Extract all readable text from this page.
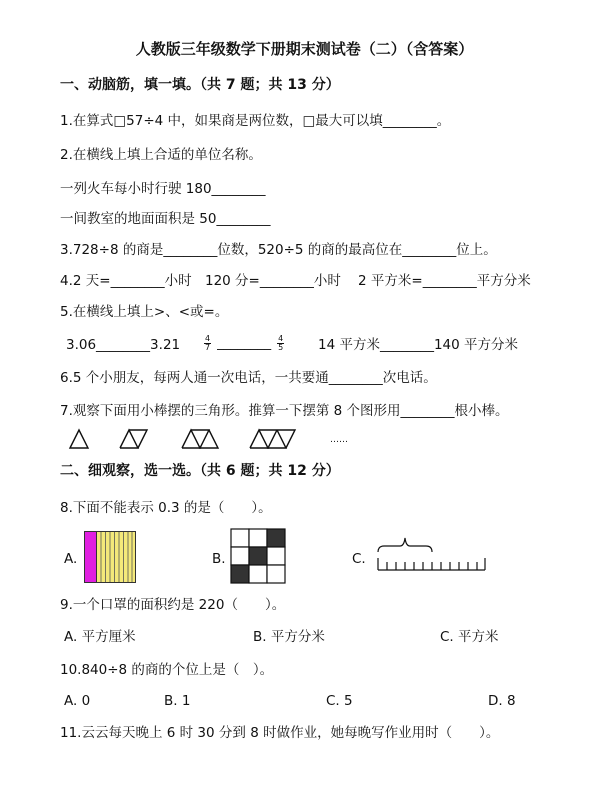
人教版三年级数学下册期末测试卷（二）（含答案）
一、动脑筋，填一填。（共 7 题；共 13 分）
1.在算式□57÷4 中，如果商是两位数，□最大可以填________。
2.在横线上填上合适的单位名称。
一列火车每小时行驶 180________
一间教室的地面面积是 50________
3.728÷8 的商是________位数，520÷5 的商的最高位在________位上。
4.2 天=________小时 120 分=________小时 2 平方米=________平方分米
5.在横线上填上>、<或=。
3.06________3.21	$\frac{4}{7}$ ________ $\frac{4}{5}$	14 平方米________140 平方分米
6.5 个小朋友，每两人通一次电话，一共要通________次电话。
7.观察下面用小棒摆的三角形。推算一下摆第 8 个图形用________根小棒。
……
二、细观察，选一选。（共 6 题；共 12 分）
8.下面不能表示 0.3 的是（　　）。
A.	B.	C.
9.一个口罩的面积约是 220（　　）。
A. 平方厘米	B. 平方分米	C. 平方米
10.840÷8 的商的个位上是（　）。
A. 0	B. 1	C. 5	D. 8
11.云云每天晚上 6 时 30 分到 8 时做作业，她每晚写作业用时（　　）。
